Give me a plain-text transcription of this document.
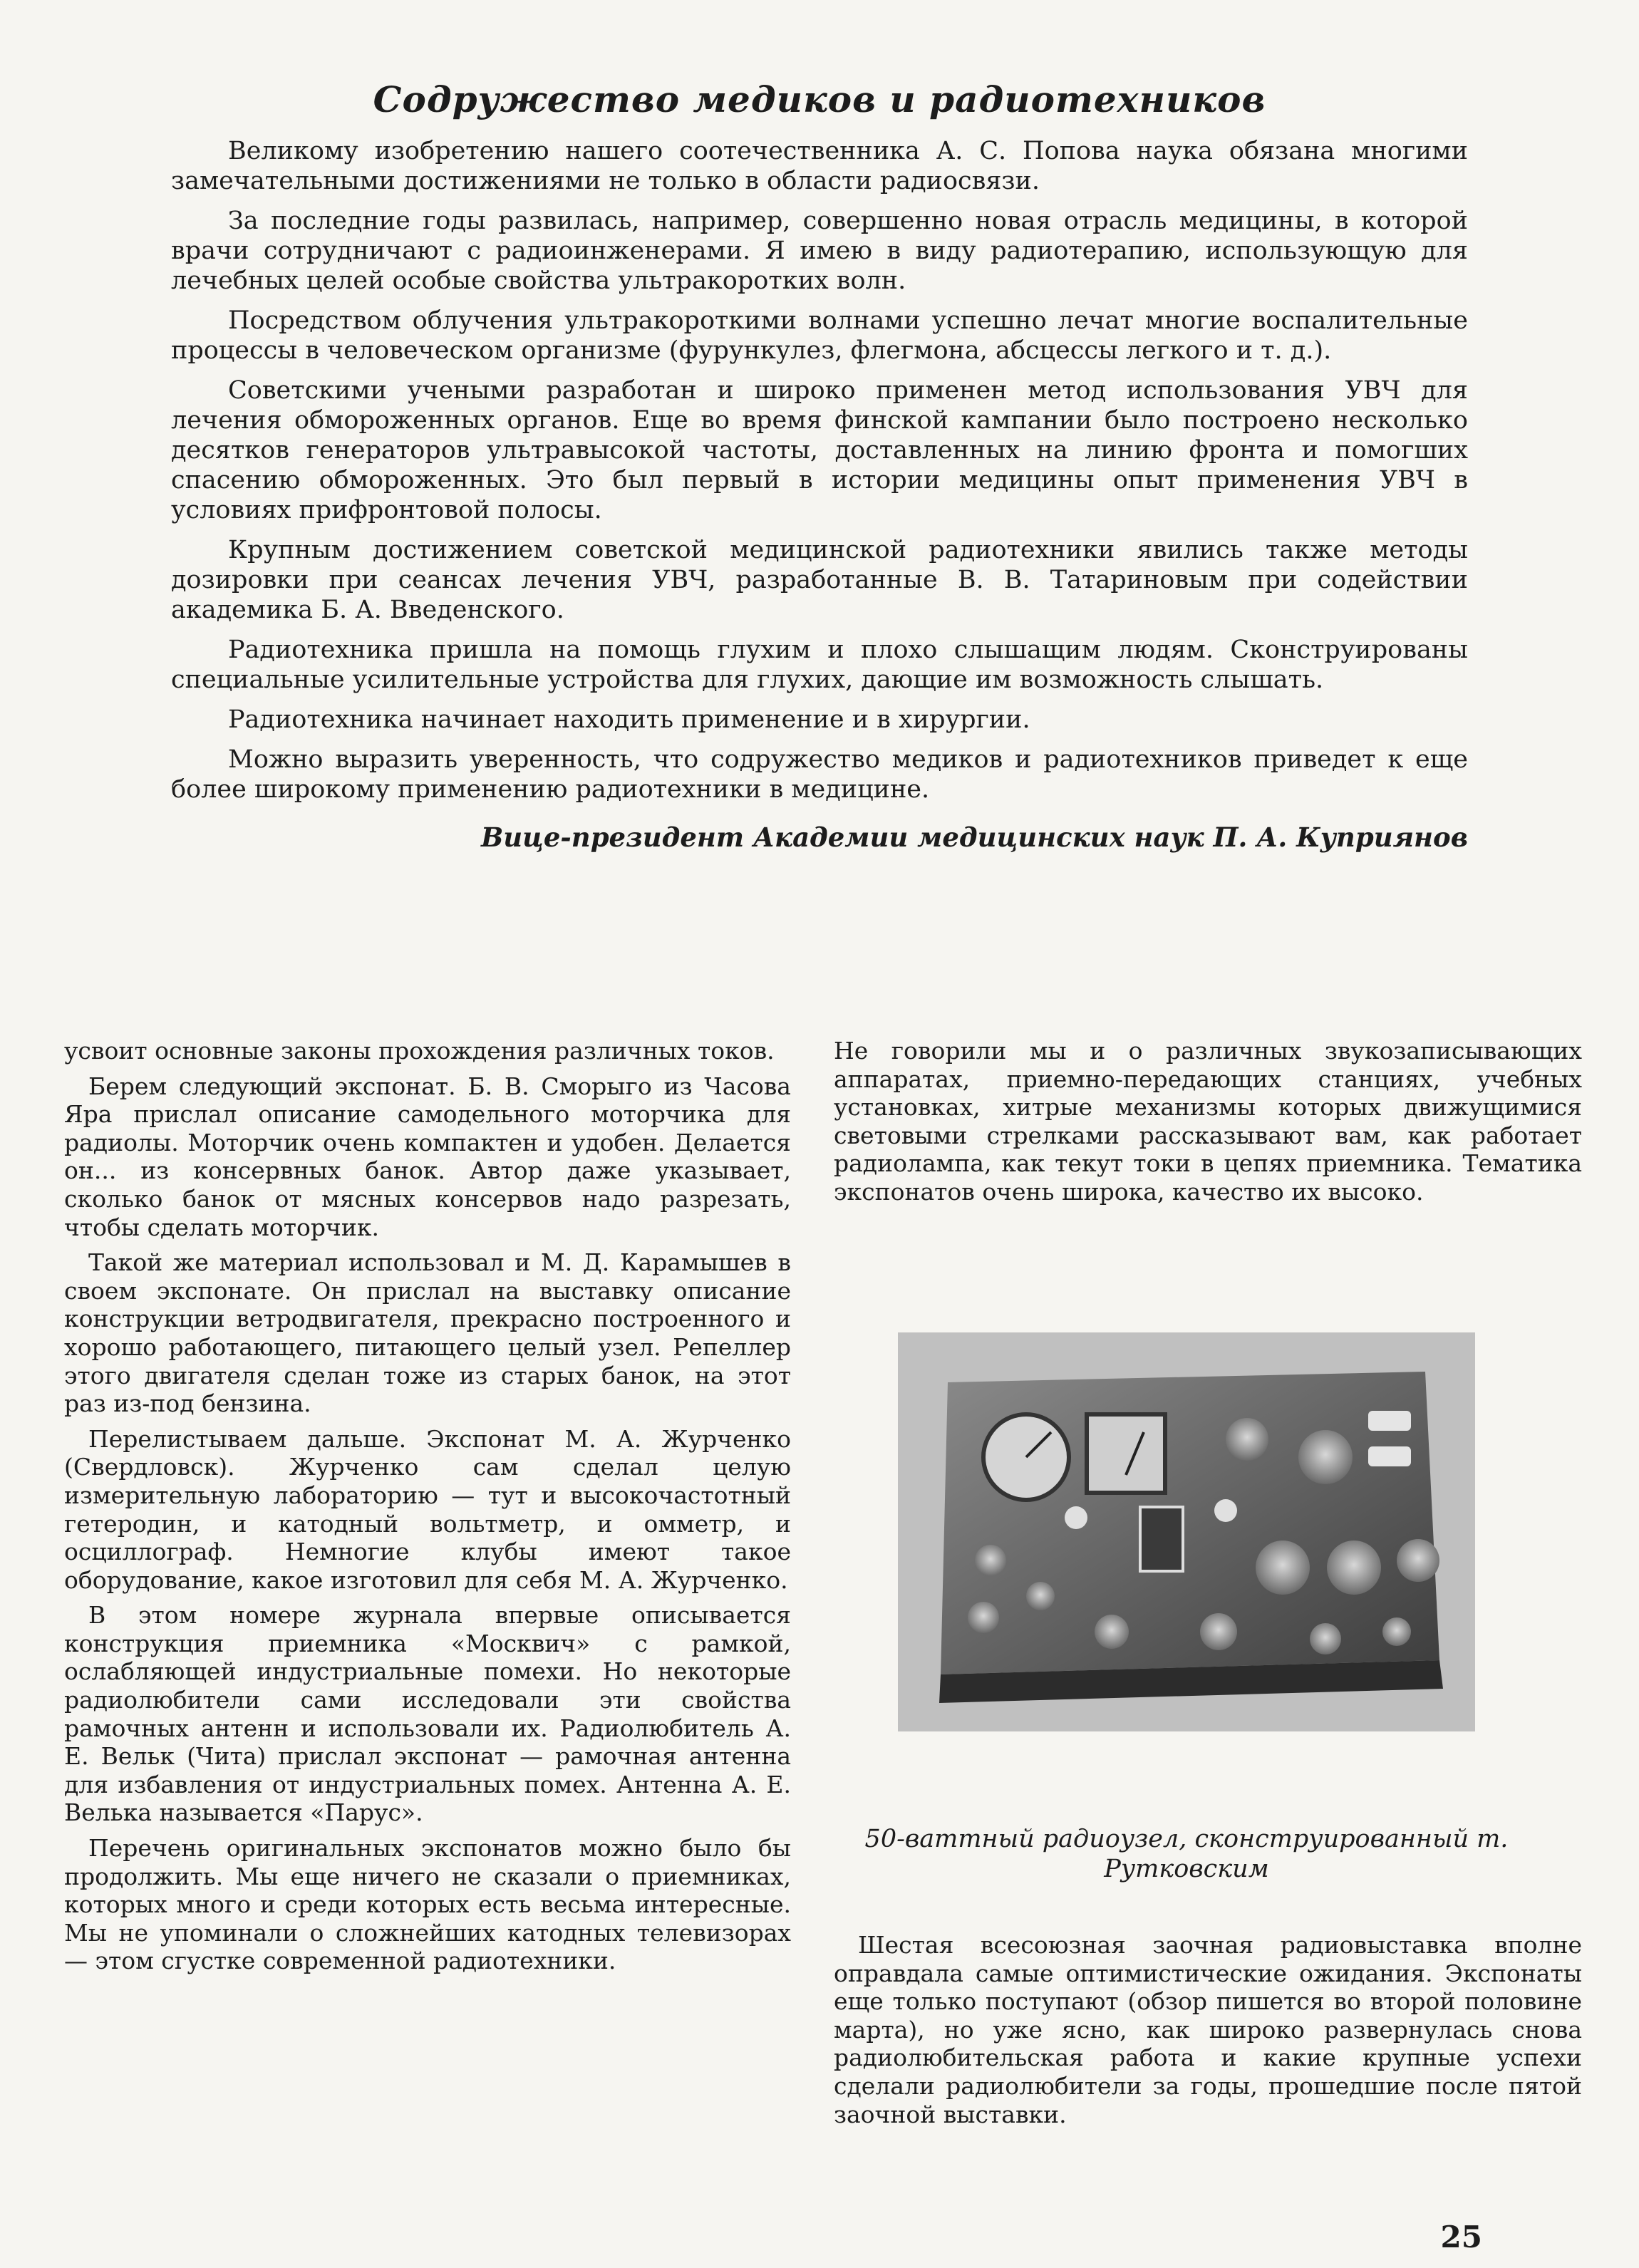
Содружество медиков и радиотехников

Великому изобретению нашего соотечественника А. С. Попова наука обязана многими замечательными достижениями не только в области радиосвязи.

За последние годы развилась, например, совершенно новая отрасль медицины, в которой врачи сотрудничают с радиоинженерами. Я имею в виду радиотерапию, использующую для лечебных целей особые свойства ультракоротких волн.

Посредством облучения ультракороткими волнами успешно лечат многие воспалительные процессы в человеческом организме (фурункулез, флегмона, абсцессы легкого и т. д.).

Советскими учеными разработан и широко применен метод использования УВЧ для лечения обмороженных органов. Еще во время финской кампании было построено несколько десятков генераторов ультравысокой частоты, доставленных на линию фронта и помогших спасению обмороженных. Это был первый в истории медицины опыт применения УВЧ в условиях прифронтовой полосы.

Крупным достижением советской медицинской радиотехники явились также методы дозировки при сеансах лечения УВЧ, разработанные В. В. Татариновым при содействии академика Б. А. Введенского.

Радиотехника пришла на помощь глухим и плохо слышащим людям. Сконструированы специальные усилительные устройства для глухих, дающие им возможность слышать.

Радиотехника начинает находить применение и в хирургии.

Можно выразить уверенность, что содружество медиков и радиотехников приведет к еще более широкому применению радиотехники в медицине.

Вице-президент Академии медицинских наук П. А. Куприянов

усвоит основные законы прохождения различных токов.

Берем следующий экспонат. Б. В. Сморыго из Часова Яра прислал описание самодельного моторчика для радиолы. Моторчик очень компактен и удобен. Делается он... из консервных банок. Автор даже указывает, сколько банок от мясных консервов надо разрезать, чтобы сделать моторчик.

Такой же материал использовал и М. Д. Карамышев в своем экспонате. Он прислал на выставку описание конструкции ветродвигателя, прекрасно построенного и хорошо работающего, питающего целый узел. Репеллер этого двигателя сделан тоже из старых банок, на этот раз из-под бензина.

Перелистываем дальше. Экспонат М. А. Журченко (Свердловск). Журченко сам сделал целую измерительную лабораторию — тут и высокочастотный гетеродин, и катодный вольтметр, и омметр, и осциллограф. Немногие клубы имеют такое оборудование, какое изготовил для себя М. А. Журченко.

В этом номере журнала впервые описывается конструкция приемника «Москвич» с рамкой, ослабляющей индустриальные помехи. Но некоторые радиолюбители сами исследовали эти свойства рамочных антенн и использовали их. Радиолюбитель А. Е. Вельк (Чита) прислал экспонат — рамочная антенна для избавления от индустриальных помех. Антенна А. Е. Велька называется «Парус».

Перечень оригинальных экспонатов можно было бы продолжить. Мы еще ничего не сказали о приемниках, которых много и среди которых есть весьма интересные. Мы не упоминали о сложнейших катодных телевизорах — этом сгустке современной радиотехники.

Не говорили мы и о различных звукозаписывающих аппаратах, приемно-передающих станциях, учебных установках, хитрые механизмы которых движущимися световыми стрелками рассказывают вам, как работает радиолампа, как текут токи в цепях приемника. Тематика экспонатов очень широка, качество их высоко.

50-ваттный радиоузел, сконструированный т. Рутковским

Шестая всесоюзная заочная радиовыставка вполне оправдала самые оптимистические ожидания. Экспонаты еще только поступают (обзор пишется во второй половине марта), но уже ясно, как широко развернулась снова радиолюбительская работа и какие крупные успехи сделали радиолюбители за годы, прошедшие после пятой заочной выставки.

25
